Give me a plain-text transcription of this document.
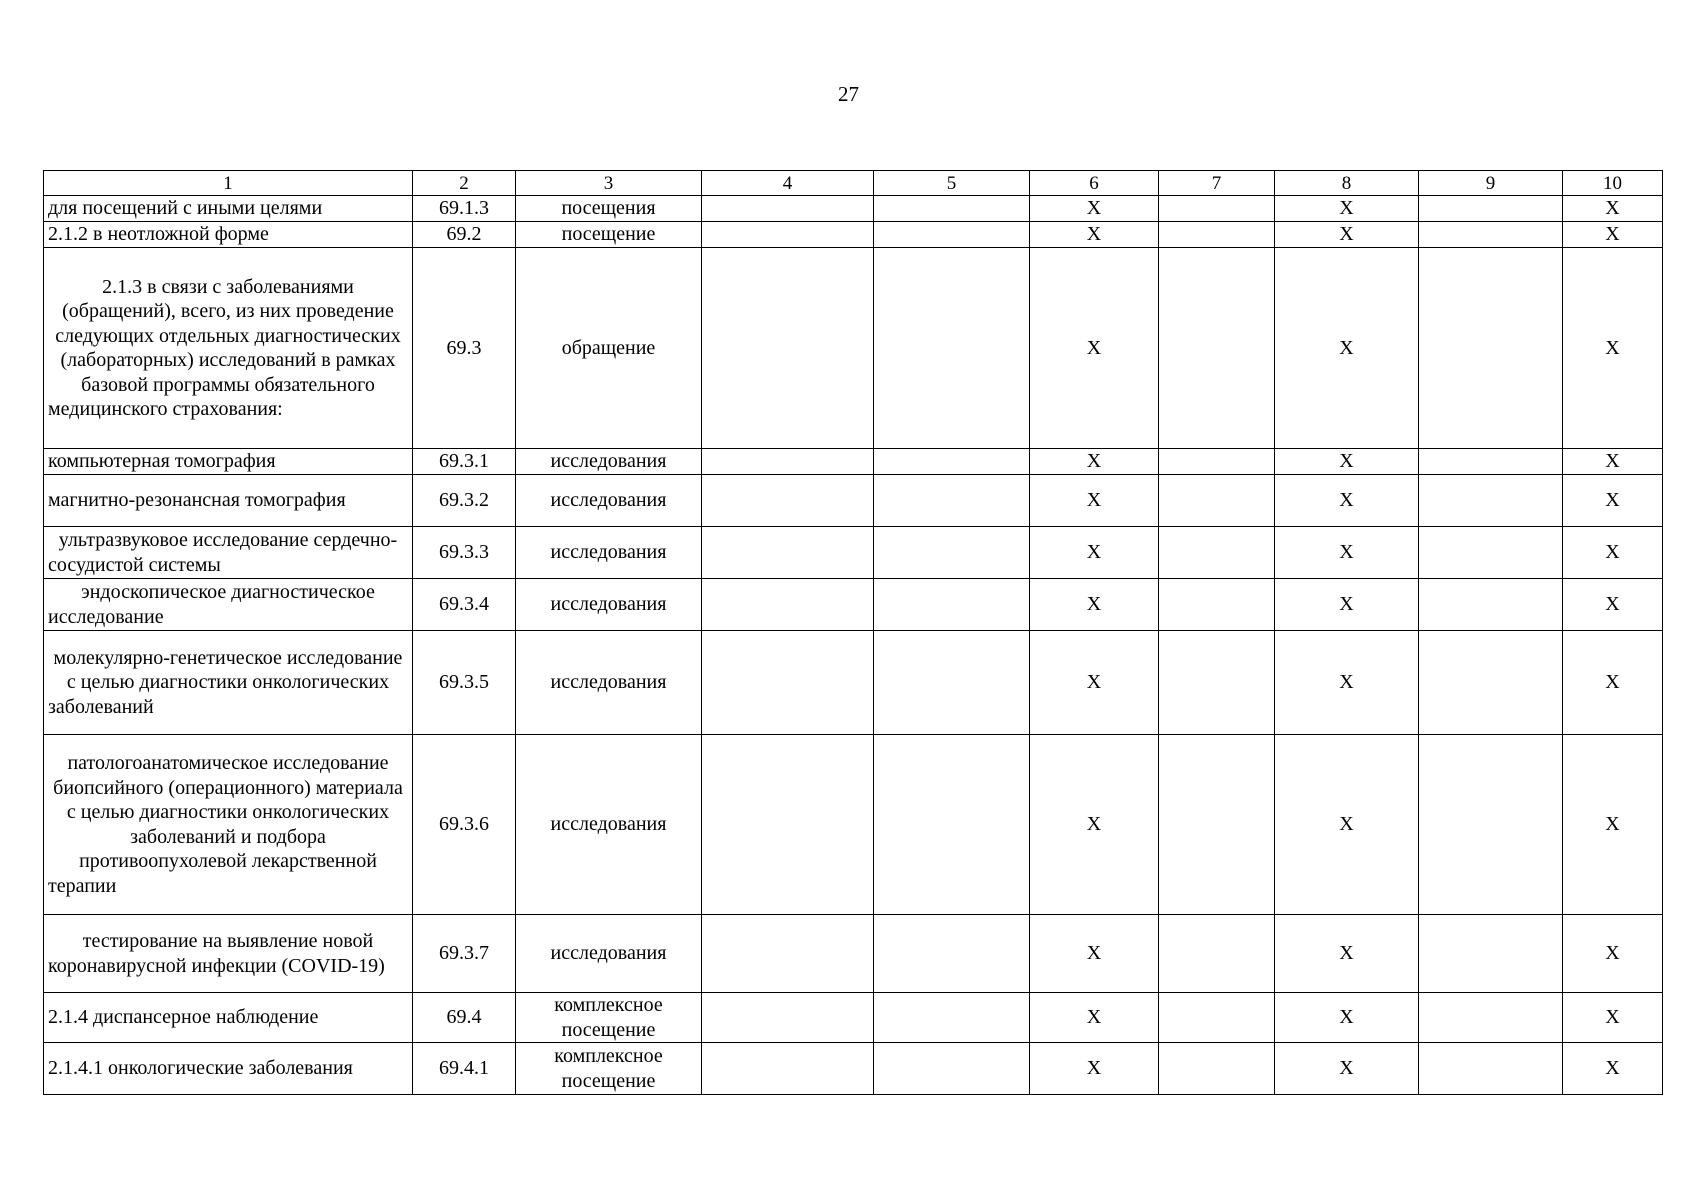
27
1	2	3	4	5	6	7	8	9	10
для посещений с иными целями	69.1.3	посещения			X		X		X
2.1.2 в неотложной форме	69.2	посещение			X		X		X
2.1.3 в связи с заболеваниями (обращений), всего, из них проведение следующих отдельных диагностических (лабораторных) исследований в рамках базовой программы обязательного медицинского страхования:	69.3	обращение			X		X		X
компьютерная томография	69.3.1	исследования			X		X		X
магнитно-резонансная томография	69.3.2	исследования			X		X		X
ультразвуковое исследование сердечно-сосудистой системы	69.3.3	исследования			X		X		X
эндоскопическое диагностическое исследование	69.3.4	исследования			X		X		X
молекулярно-генетическое исследование с целью диагностики онкологических заболеваний	69.3.5	исследования			X		X		X
патологоанатомическое исследование биопсийного (операционного) материала с целью диагностики онкологических заболеваний и подбора противоопухолевой лекарственной терапии	69.3.6	исследования			X		X		X
тестирование на выявление новой коронавирусной инфекции (COVID-19)	69.3.7	исследования			X		X		X
2.1.4 диспансерное наблюдение	69.4	комплексное посещение			X		X		X
2.1.4.1 онкологические заболевания	69.4.1	комплексное посещение			X		X		X
